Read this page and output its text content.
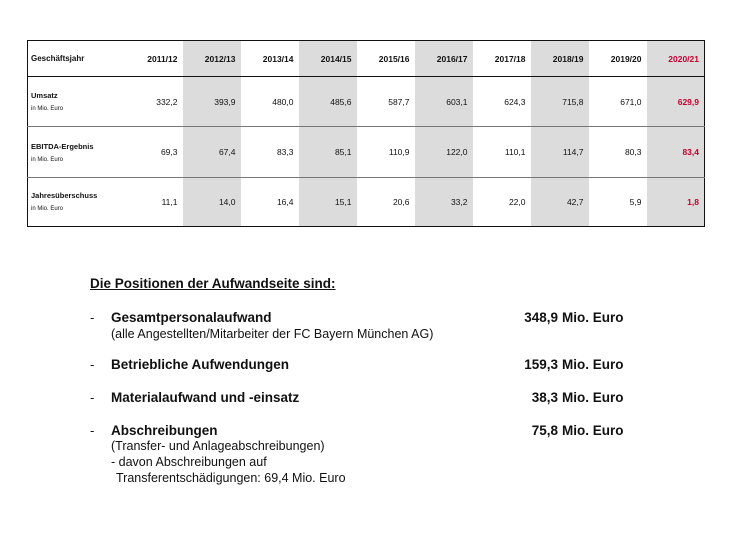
Geschäftsjahr	2011/12	2012/13	2013/14	2014/15	2015/16	2016/17	2017/18	2018/19	2019/20	2020/21

Umsatz
in Mio. Euro	332,2	393,9	480,0	485,6	587,7	603,1	624,3	715,8	671,0	629,9

EBITDA-Ergebnis
in Mio. Euro	69,3	67,4	83,3	85,1	110,9	122,0	110,1	114,7	80,3	83,4

Jahresüberschuss
in Mio. Euro	11,1	14,0	16,4	15,1	20,6	33,2	22,0	42,7	5,9	1,8
Die Positionen der Aufwandseite sind:
- Gesamtpersonalaufwand	348,9 Mio. Euro
(alle Angestellten/Mitarbeiter der FC Bayern München AG)
- Betriebliche Aufwendungen	159,3 Mio. Euro
- Materialaufwand und -einsatz	38,3 Mio. Euro
- Abschreibungen	75,8 Mio. Euro
(Transfer- und Anlageabschreibungen)
- davon Abschreibungen auf
Transferentschädigungen: 69,4 Mio. Euro
